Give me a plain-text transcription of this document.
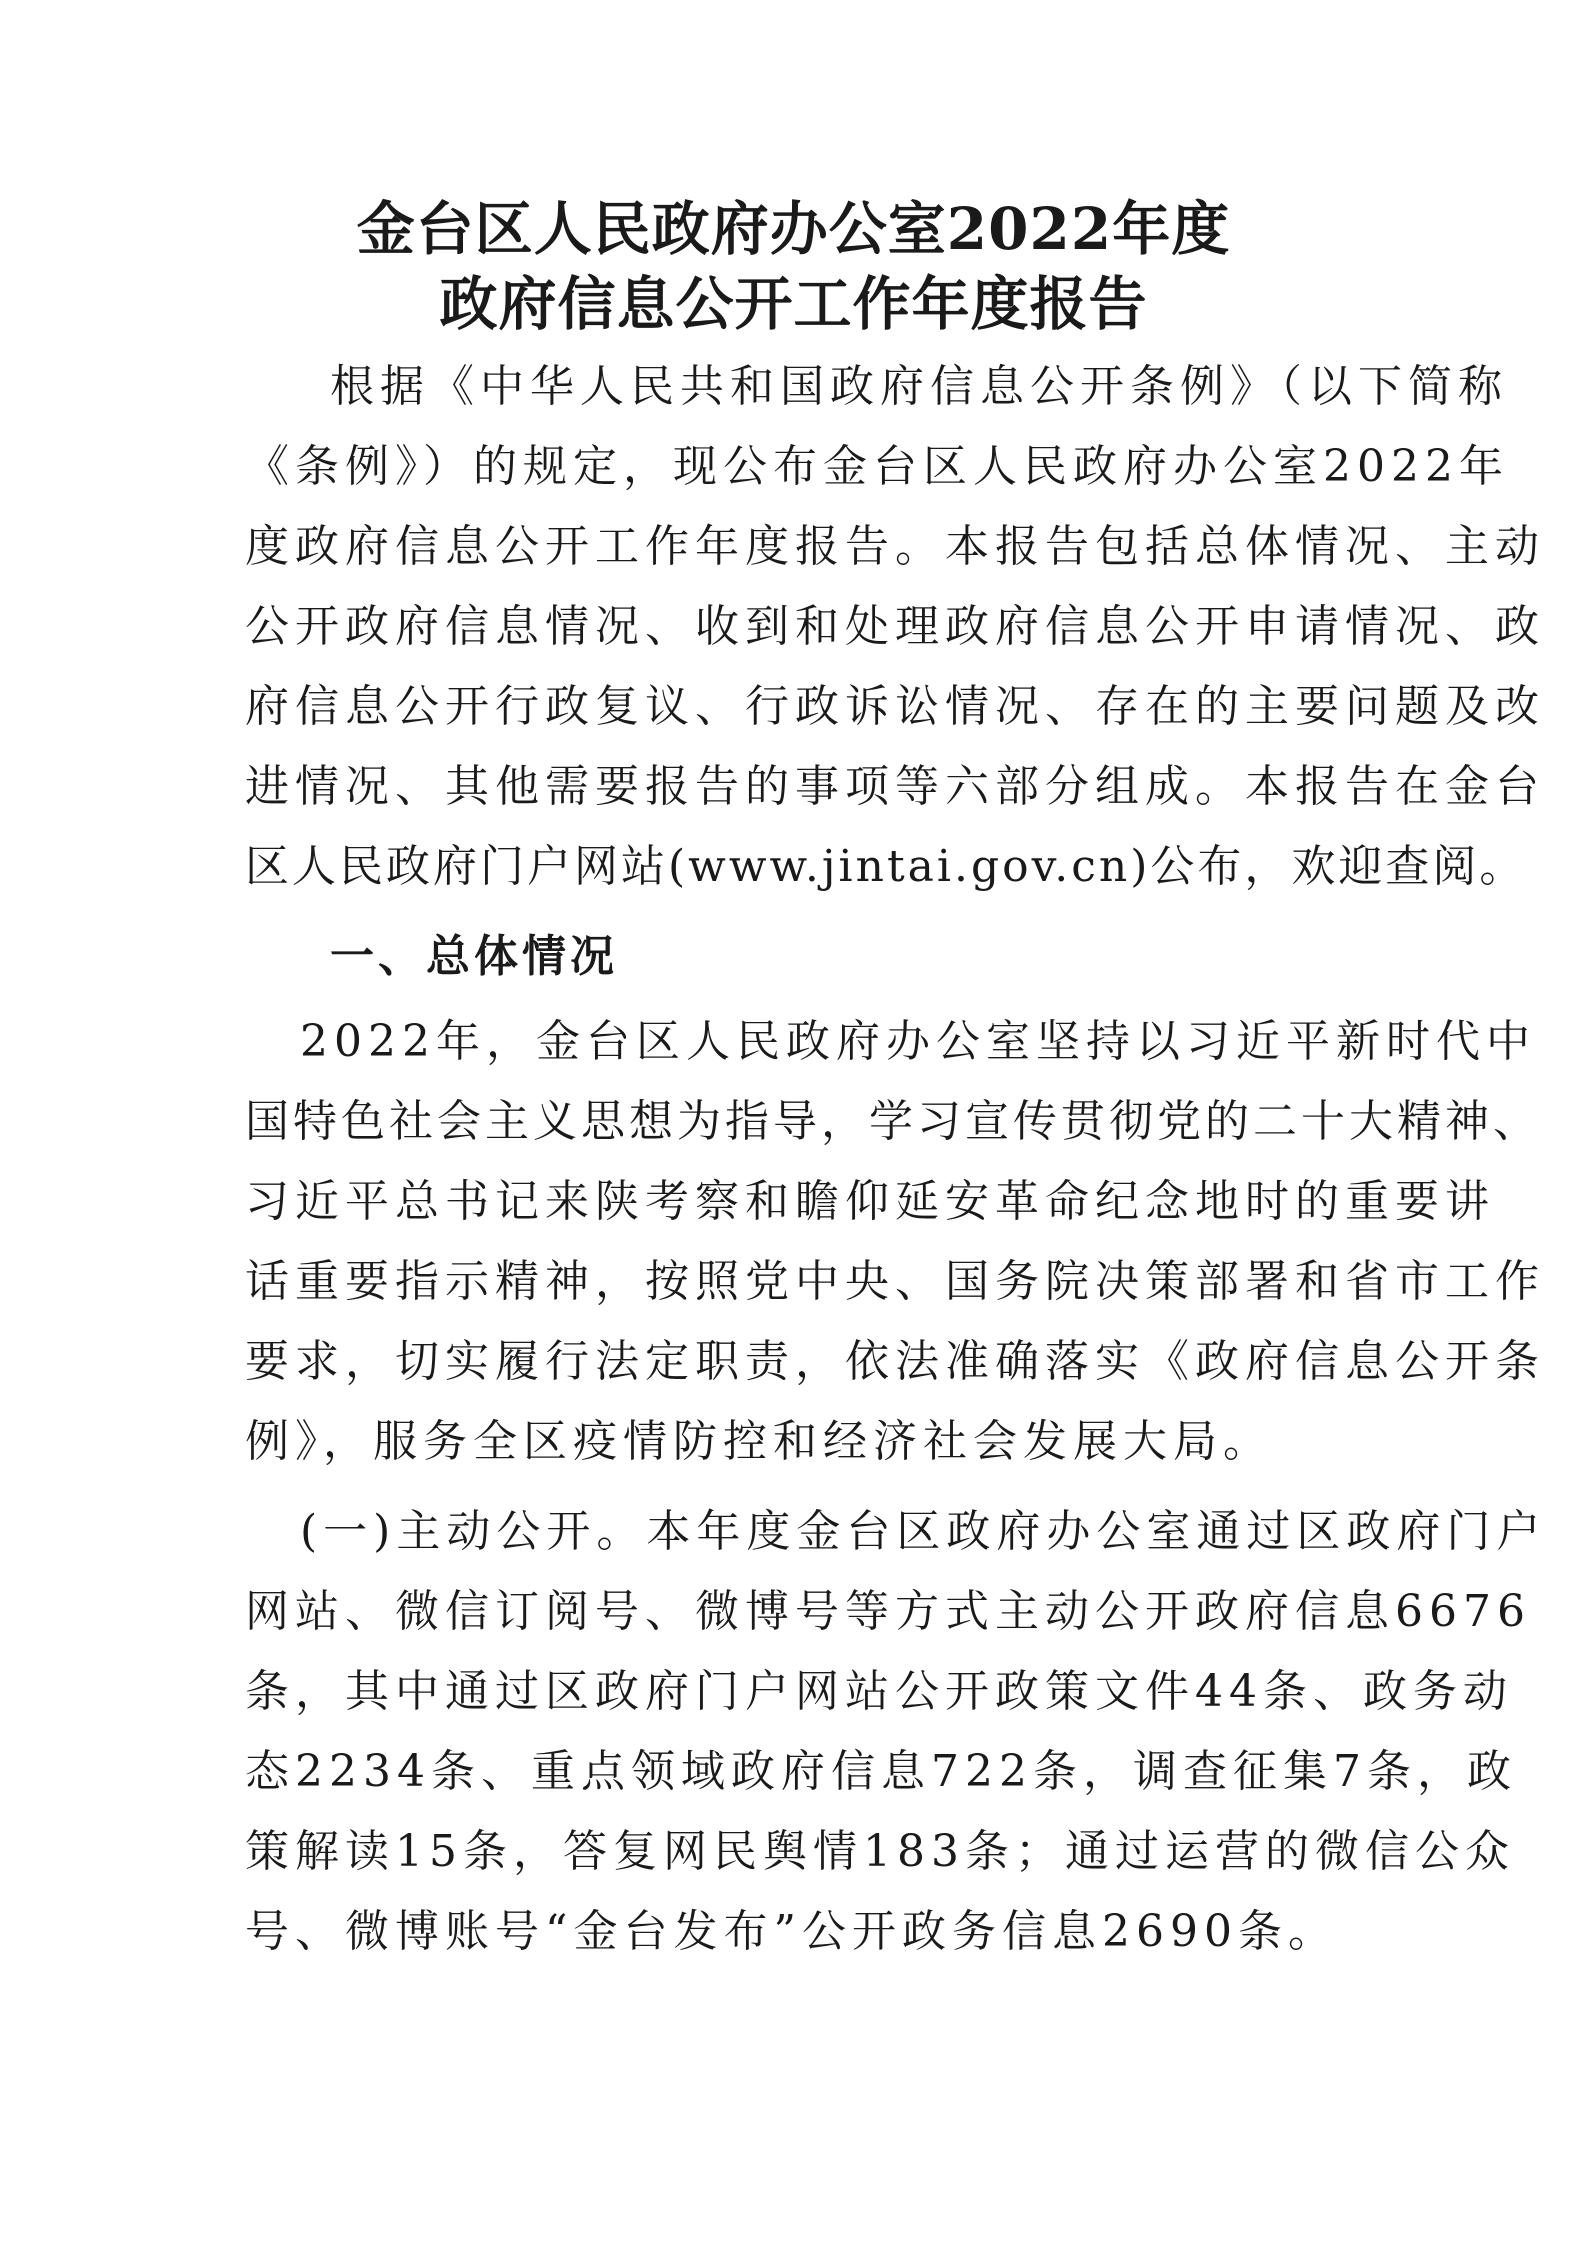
金台区人民政府办公室2022年度
政府信息公开工作年度报告
根据《中华人民共和国政府信息公开条例》（以下简称
《条例》）的规定，现公布金台区人民政府办公室2022年
度政府信息公开工作年度报告。本报告包括总体情况、主动
公开政府信息情况、收到和处理政府信息公开申请情况、政
府信息公开行政复议、行政诉讼情况、存在的主要问题及改
进情况、其他需要报告的事项等六部分组成。本报告在金台
区人民政府门户网站(www.jintai.gov.cn)公布，欢迎查阅。
一、总体情况
2022年，金台区人民政府办公室坚持以习近平新时代中
国特色社会主义思想为指导，学习宣传贯彻党的二十大精神、
习近平总书记来陕考察和瞻仰延安革命纪念地时的重要讲
话重要指示精神，按照党中央、国务院决策部署和省市工作
要求，切实履行法定职责，依法准确落实《政府信息公开条
例》，服务全区疫情防控和经济社会发展大局。
(一)主动公开。本年度金台区政府办公室通过区政府门户
网站、微信订阅号、微博号等方式主动公开政府信息6676
条，其中通过区政府门户网站公开政策文件44条、政务动
态2234条、重点领域政府信息722条，调查征集7条，政
策解读15条，答复网民舆情183条；通过运营的微信公众
号、微博账号“金台发布”公开政务信息2690条。
